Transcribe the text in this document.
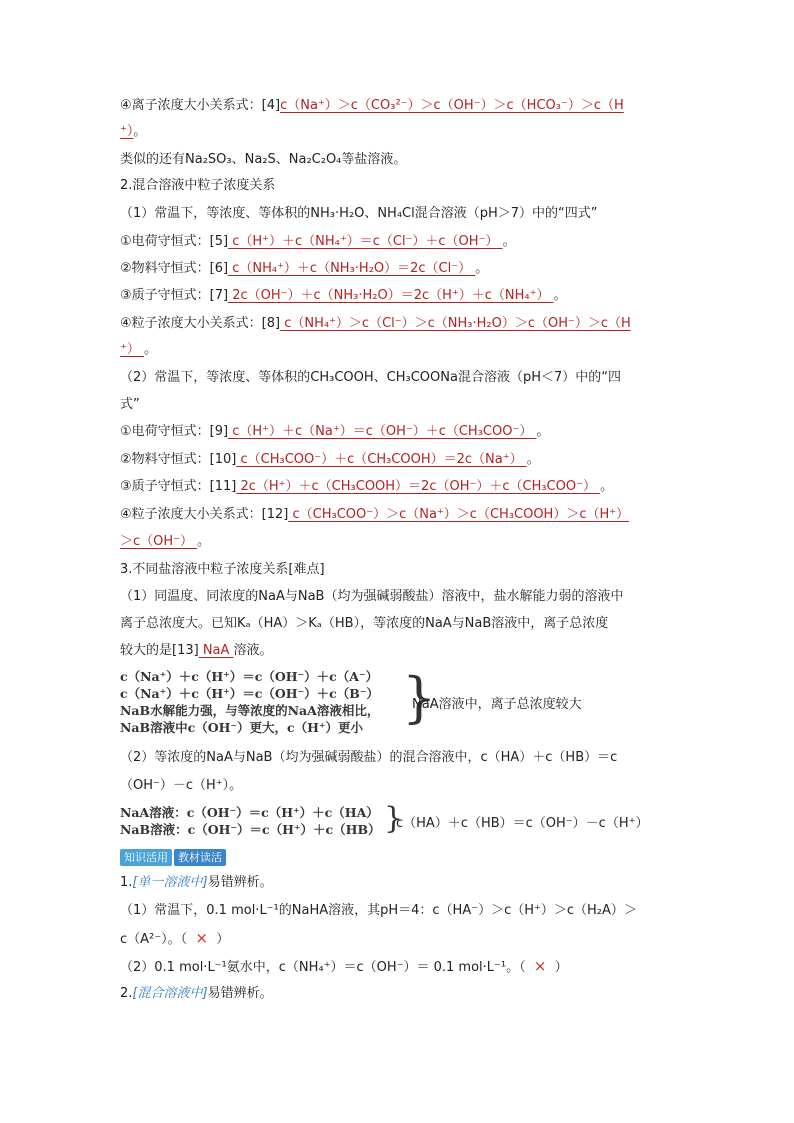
④离子浓度大小关系式：[4]c（Na⁺）＞c（CO₃²⁻）＞c（OH⁻）＞c（HCO₃⁻）＞c（H
⁺）。
类似的还有Na₂SO₃、Na₂S、Na₂C₂O₄等盐溶液。
2.混合溶液中粒子浓度关系
（1）常温下，等浓度、等体积的NH₃·H₂O、NH₄Cl混合溶液（pH＞7）中的“四式”
①电荷守恒式：[5] c（H⁺）＋c（NH₄⁺）＝c（Cl⁻）＋c（OH⁻） 。
②物料守恒式：[6] c（NH₄⁺）＋c（NH₃·H₂O）＝2c（Cl⁻） 。
③质子守恒式：[7] 2c（OH⁻）＋c（NH₃·H₂O）＝2c（H⁺）＋c（NH₄⁺） 。
④粒子浓度大小关系式：[8] c（NH₄⁺）＞c（Cl⁻）＞c（NH₃·H₂O）＞c（OH⁻）＞c（H
⁺） 。
（2）常温下，等浓度、等体积的CH₃COOH、CH₃COONa混合溶液（pH＜7）中的“四
式”
①电荷守恒式：[9] c（H⁺）＋c（Na⁺）＝c（OH⁻）＋c（CH₃COO⁻） 。
②物料守恒式：[10] c（CH₃COO⁻）＋c（CH₃COOH）＝2c（Na⁺） 。
③质子守恒式：[11] 2c（H⁺）＋c（CH₃COOH）＝2c（OH⁻）＋c（CH₃COO⁻） 。
④粒子浓度大小关系式：[12] c（CH₃COO⁻）＞c（Na⁺）＞c（CH₃COOH）＞c（H⁺）
＞c（OH⁻） 。
3.不同盐溶液中粒子浓度关系[难点]
（1）同温度、同浓度的NaA与NaB（均为强碱弱酸盐）溶液中，盐水解能力弱的溶液中
离子总浓度大。已知Kₐ（HA）＞Kₐ（HB），等浓度的NaA与NaB溶液中，离子总浓度
较大的是[13] NaA 溶液。
c（Na⁺）＋c（H⁺）＝c（OH⁻）＋c（A⁻）
c（Na⁺）＋c（H⁺）＝c（OH⁻）＋c（B⁻）
NaB水解能力强，与等浓度的NaA溶液相比，
NaB溶液中c（OH⁻）更大，c（H⁺）更小 }
NaA溶液中，离子总浓度较大
（2）等浓度的NaA与NaB（均为强碱弱酸盐）的混合溶液中，c（HA）＋c（HB）＝c
（OH⁻）－c（H⁺）。
NaA溶液：c（OH⁻）＝c（H⁺）＋c（HA）
NaB溶液：c（OH⁻）＝c（H⁺）＋c（HB） }
c（HA）＋c（HB）＝c（OH⁻）－c（H⁺）
知识活用 教材读活
1.[单一溶液中]易错辨析。
（1）常温下，0.1 mol·L⁻¹的NaHA溶液，其pH＝4：c（HA⁻）＞c（H⁺）＞c（H₂A）＞
c（A²⁻）。（ × ）
（2）0.1 mol·L⁻¹氨水中，c（NH₄⁺）＝c（OH⁻）＝ 0.1 mol·L⁻¹。（ × ）
2.[混合溶液中]易错辨析。
